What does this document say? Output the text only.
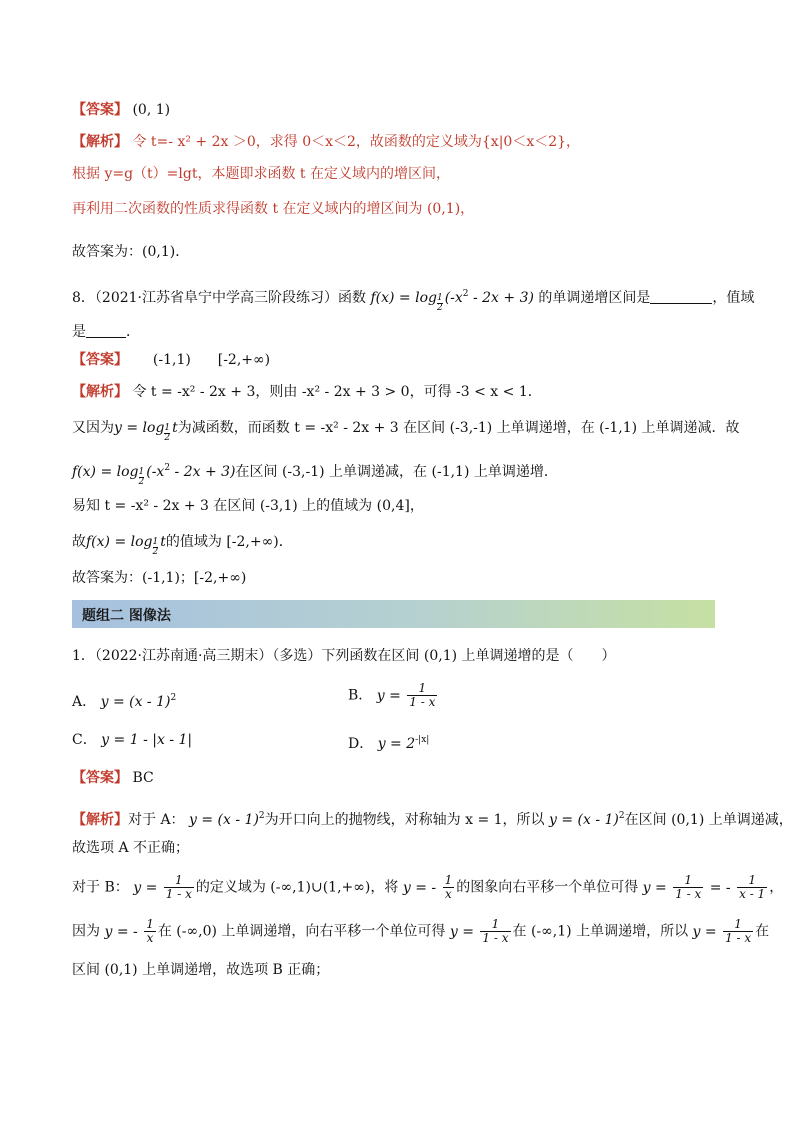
【答案】 (0, 1)
【解析】 令 t=- x² + 2x ＞0，求得 0＜x＜2，故函数的定义域为{x|0＜x＜2}，
根据 y=g（t）=lgt，本题即求函数 t 在定义域内的增区间，
再利用二次函数的性质求得函数 t 在定义域内的增区间为 (0,1)，
故答案为：(0,1)．
8．（2021·江苏省阜宁中学高三阶段练习）函数 $f(x) = \log \frac{1}{2} (-x^2 - 2x + 3)$ 的单调递增区间是	，值域
是	．
【答案】 (-1,1) [-2,+∞)
【解析】 令 t = -x² - 2x + 3，则由 -x² - 2x + 3 > 0，可得 -3 < x < 1．
又因为$y = \log \frac{1}{2}$ t为减函数，而函数 t = -x² - 2x + 3 在区间 (-3,-1) 上单调递增，在 (-1,1) 上单调递减．故
$f(x) = \log \frac{1}{2} (-x^2 - 2x + 3)$在区间 (-3,-1) 上单调递减，在 (-1,1) 上单调递增．
易知 t = -x² - 2x + 3 在区间 (-3,1) 上的值域为 (0,4]，
故$f(x) = \log \frac{1}{2}$ t的值域为 [-2,+∞)．
故答案为：(-1,1)；[-2,+∞)
题组二 图像法
1．（2022·江苏南通·高三期末）（多选）下列函数在区间 (0,1) 上单调递增的是（　　）
A． y = (x - 1)$^2$	B． $y = \frac{1}{1 - x}$
C． y = 1 - |x - 1|	D． $y = 2^{-|x|}$
【答案】 BC
【解析】对于 A： y = (x - 1)$^2$为开口向上的抛物线，对称轴为 x = 1，所以 y = (x - 1)$^2$在区间 (0,1) 上单调递减，
故选项 A 不正确；
对于 B： $y = \frac{1}{1 - x}$ 的定义域为 (-∞,1)∪(1,+∞)，将 y = - $\frac{1}{x}$ 的图象向右平移一个单位可得 $y = \frac{1}{1 - x}$ = - $\frac{1}{x - 1}$ ，
因为 y = - $\frac{1}{x}$ 在 (-∞,0) 上单调递增，向右平移一个单位可得 $y = \frac{1}{1 - x}$ 在 (-∞,1) 上单调递增，所以 $y = \frac{1}{1 - x}$ 在
区间 (0,1) 上单调递增，故选项 B 正确；
